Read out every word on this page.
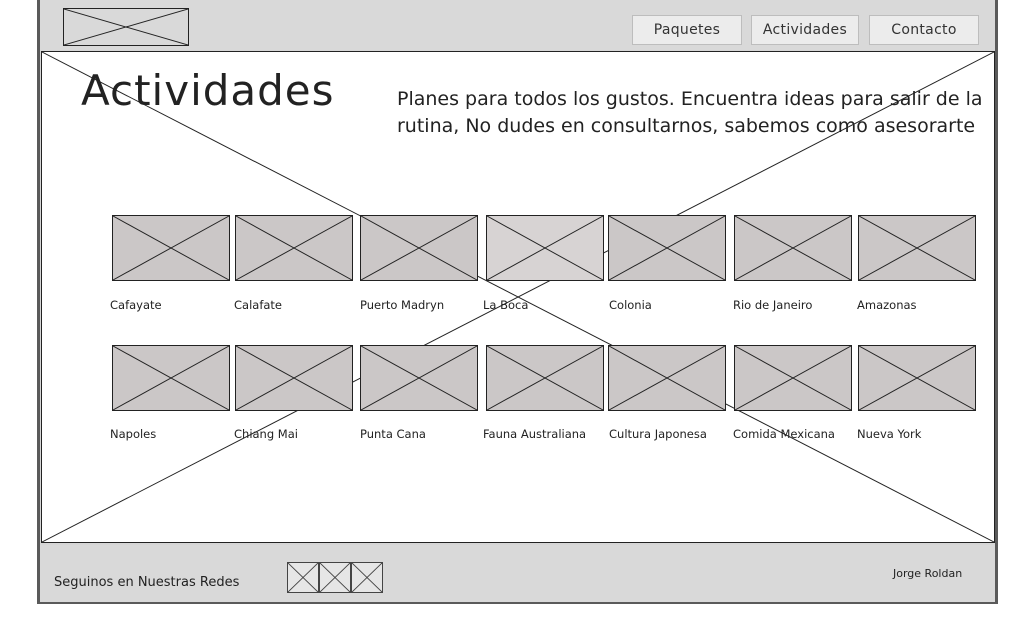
Paquetes	Actividades	Contacto
Actividades	Planes para todos los gustos. Encuentra ideas para salir de la rutina, No dudes en consultarnos, sabemos como asesorarte
Seguinos en Nuestras Redes
Jorge Roldan
Cafayate	Calafate	Puerto Madryn	La Boca	Colonia	Rio de Janeiro	Amazonas
Napoles	Chiang Mai	Punta Cana	Fauna Australiana Cultura Japonesa Comida Mexicana Nueva York
